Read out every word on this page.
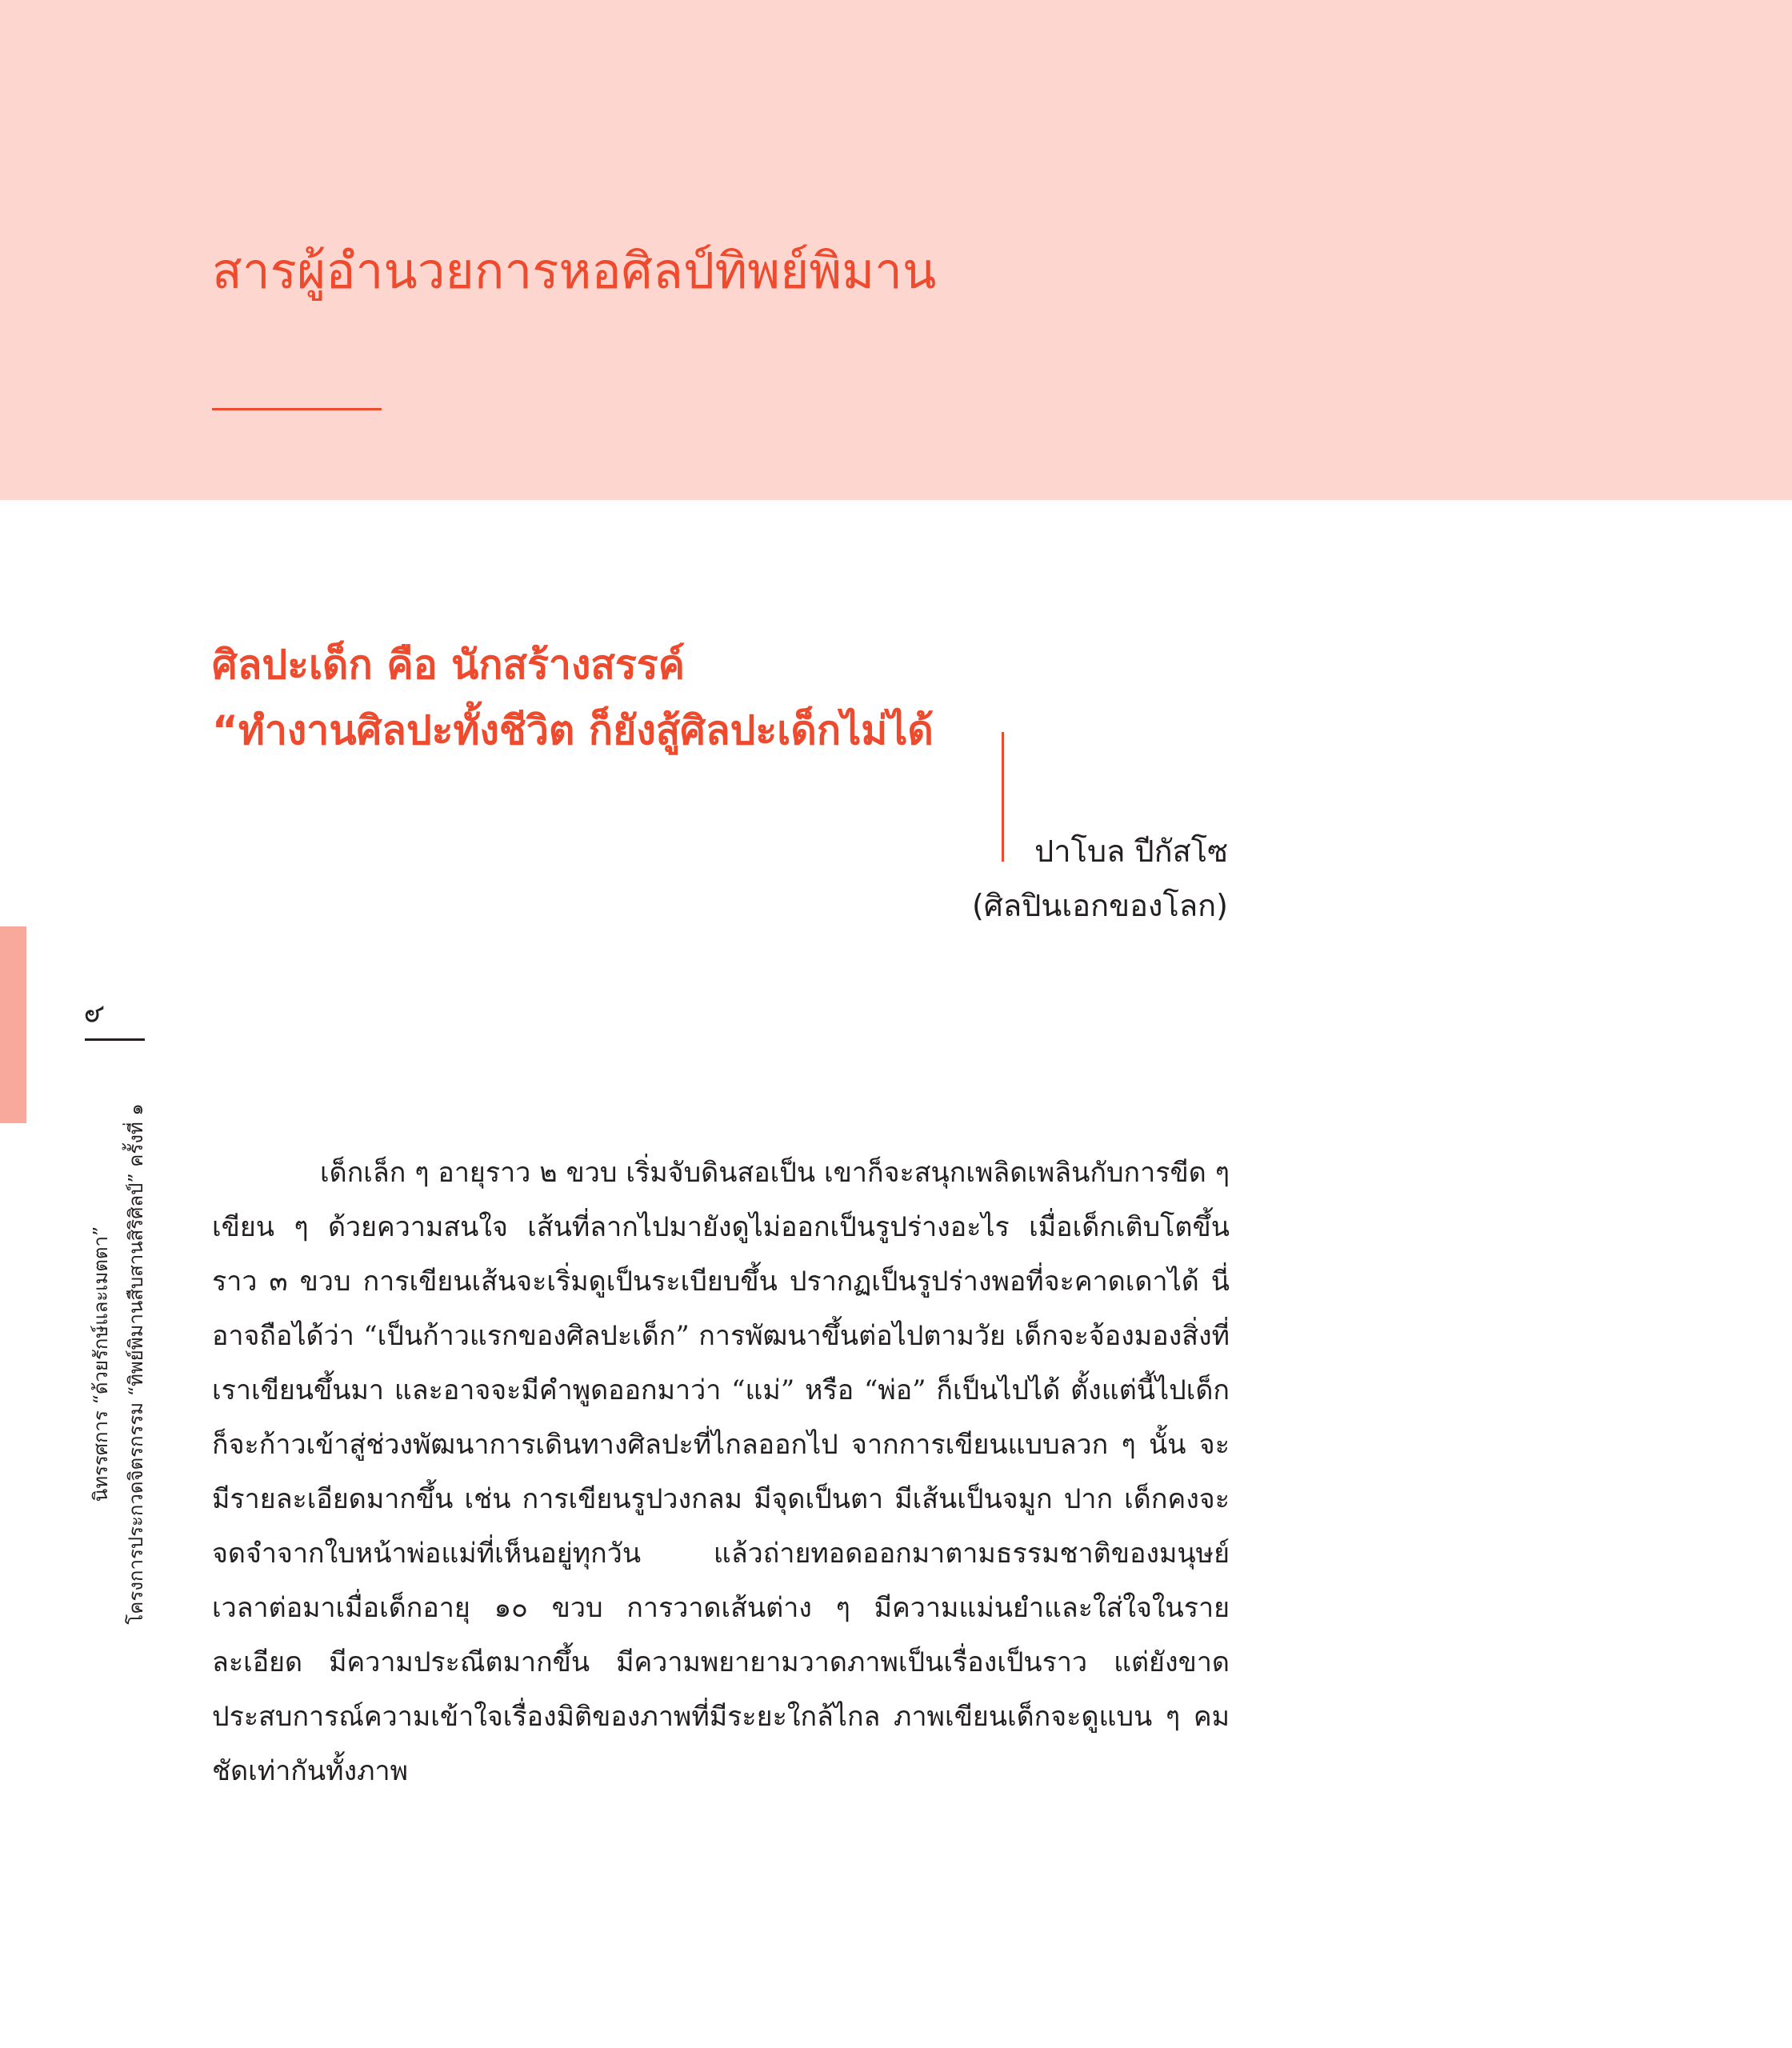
สารผู้อำนวยการหอศิลป์ทิพย์พิมาน

ศิลปะเด็ก คือ นักสร้างสรรค์
“ทำงานศิลปะทั้งชีวิต ก็ยังสู้ศิลปะเด็กไม่ได้

ปาโบล ปีกัสโซ
(ศิลปินเอกของโลก)
๖
นิทรรศการ “ด้วยรักษ์และเมตตา” โครงการประกวดจิตรกรรม “ทิพย์พิมานสืบสานสิริศิลป์” ครั้งที่ ๑	เด็กเล็ก ๆ อายุราว ๒ ขวบ เริ่มจับดินสอเป็น เขาก็จะสนุกเพลิดเพลินกับการขีด ๆ เขียน ๆ ด้วยความสนใจ เส้นที่ลากไปมายังดูไม่ออกเป็นรูปร่างอะไร เมื่อเด็กเติบโตขึ้นราว ๓ ขวบ การเขียนเส้นจะเริ่มดูเป็นระเบียบขึ้น ปรากฏเป็นรูปร่างพอที่จะคาดเดาได้ นี่อาจถือได้ว่า “เป็นก้าวแรกของศิลปะเด็ก” การพัฒนาขึ้นต่อไปตามวัย เด็กจะจ้องมองสิ่งที่เราเขียนขึ้นมา และอาจจะมีคำพูดออกมาว่า “แม่” หรือ “พ่อ” ก็เป็นไปได้ ตั้งแต่นี้ไปเด็กก็จะก้าวเข้าสู่ช่วงพัฒนาการเดินทางศิลปะที่ไกลออกไป จากการเขียนแบบลวก ๆ นั้น จะมีรายละเอียดมากขึ้น เช่น การเขียนรูปวงกลม มีจุดเป็นตา มีเส้นเป็นจมูก ปาก เด็กคงจะจดจำจากใบหน้าพ่อแม่ที่เห็นอยู่ทุกวัน แล้วถ่ายทอดออกมาตามธรรมชาติของมนุษย์ เวลาต่อมาเมื่อเด็กอายุ ๑๐ ขวบ การวาดเส้นต่าง ๆ มีความแม่นยำและใส่ใจในรายละเอียด มีความประณีตมากขึ้น มีความพยายามวาดภาพเป็นเรื่องเป็นราว แต่ยังขาดประสบการณ์ความเข้าใจเรื่องมิติของภาพที่มีระยะใกล้ไกล ภาพเขียนเด็กจะดูแบน ๆ คมชัดเท่ากันทั้งภาพ
